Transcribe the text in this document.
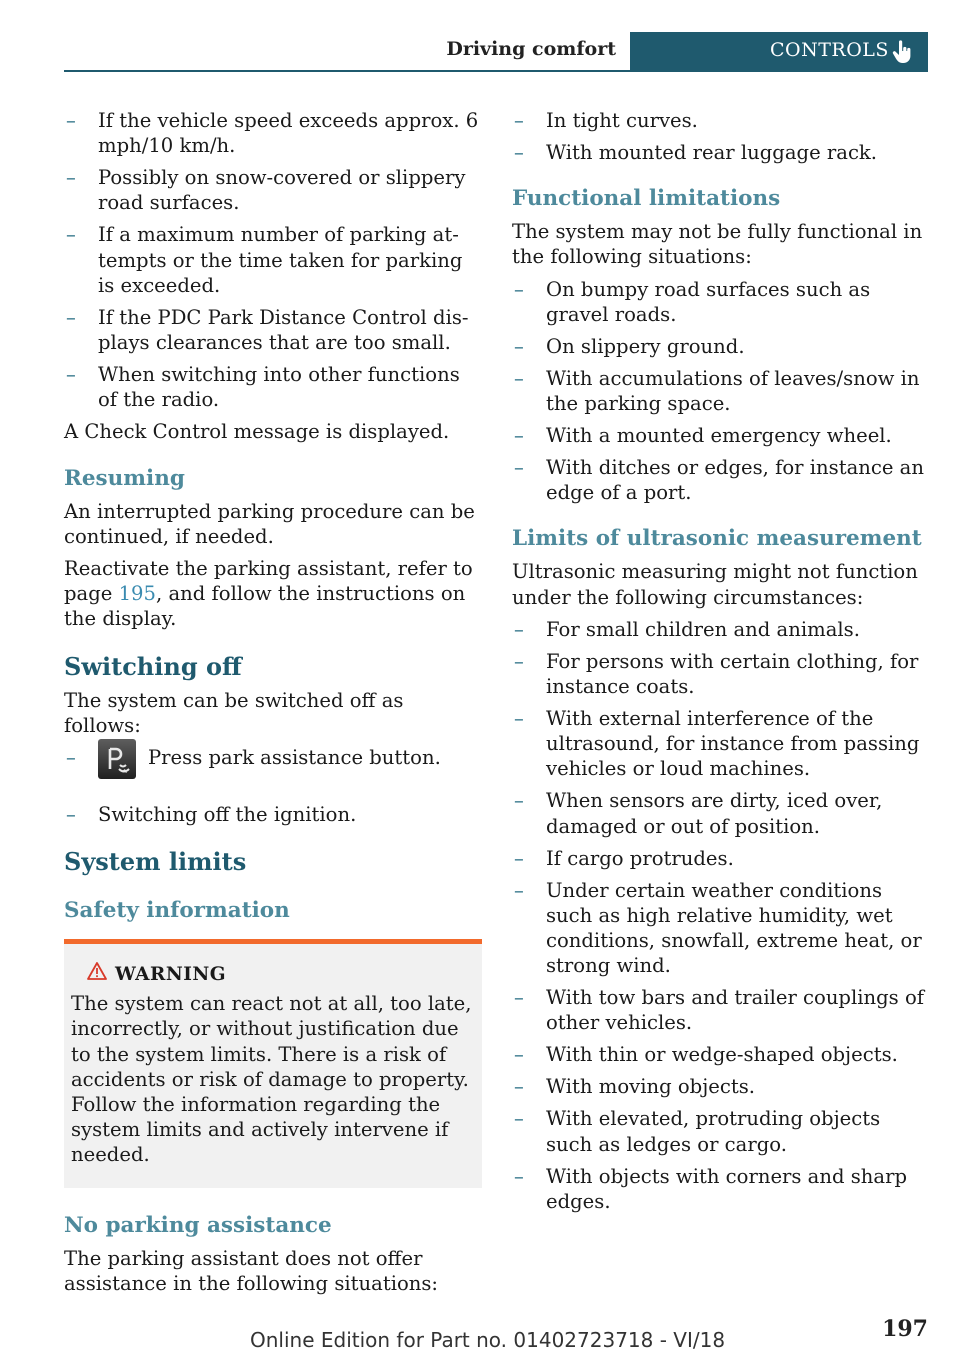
Driving comfort	CONTROLS
– If the vehicle speed exceeds approx. 6 mph/10 km/h.
– Possibly on snow-covered or slippery road surfaces.
– If a maximum number of parking attempts or the time taken for parking is exceeded.
– If the PDC Park Distance Control displays clearances that are too small.
– When switching into other functions of the radio.

A Check Control message is displayed.

Resuming

An interrupted parking procedure can be continued, if needed.

Reactivate the parking assistant, refer to page 195, and follow the instructions on the display.

Switching off

The system can be switched off as follows:

– Press park assistance button.
– Switching off the ignition.
System limits
Safety information
WARNING

The system can react not at all, too late, incorrectly, or without justification due to the system limits. There is a risk of accidents or risk of damage to property. Follow the information regarding the system limits and actively intervene if needed.

No parking assistance

The parking assistant does not offer assistance in the following situations:

– In tight curves.
– With mounted rear luggage rack.
Functional limitations

The system may not be fully functional in the following situations:

– On bumpy road surfaces such as gravel roads.
– On slippery ground.
– With accumulations of leaves/snow in the parking space.
– With a mounted emergency wheel.
– With ditches or edges, for instance an edge of a port.
Limits of ultrasonic measurement

Ultrasonic measuring might not function under the following circumstances:

– For small children and animals.
– For persons with certain clothing, for instance coats.
– With external interference of the ultrasound, for instance from passing vehicles or loud machines.
– When sensors are dirty, iced over, damaged or out of position.
– If cargo protrudes.
– Under certain weather conditions such as high relative humidity, wet conditions, snowfall, extreme heat, or strong wind.
– With tow bars and trailer couplings of other vehicles.
– With thin or wedge-shaped objects.
– With moving objects.
– With elevated, protruding objects such as ledges or cargo.
– With objects with corners and sharp edges.
197
Online Edition for Part no. 01402723718 - VI/18
